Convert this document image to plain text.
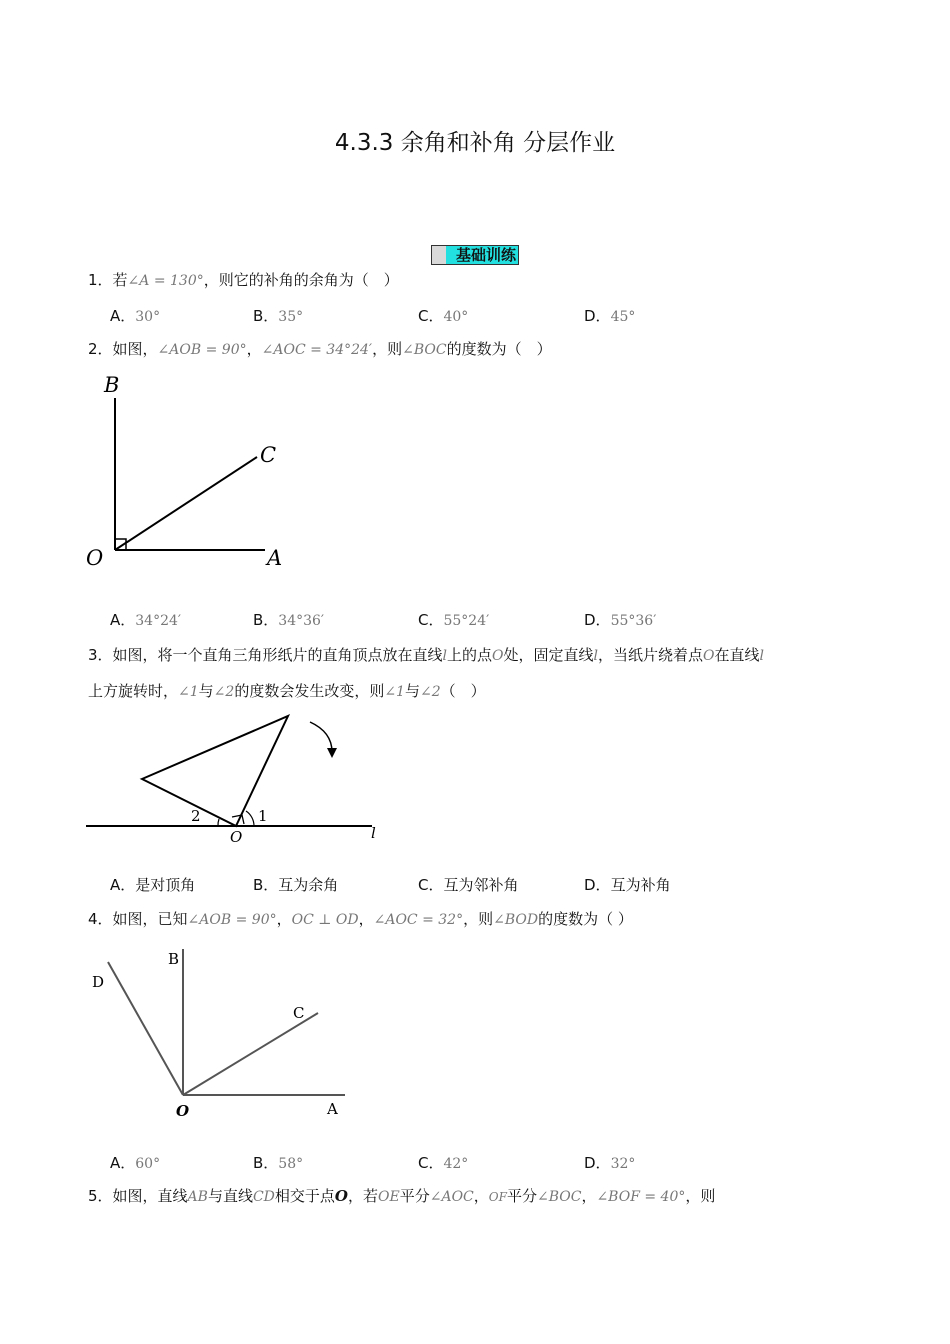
4.3.3 余角和补角 分层作业
基础训练
1．若∠A = 130°，则它的补角的余角为（　）
A．30°	B．35°	C．40°	D．45°
2．如图，∠AOB = 90°，∠AOC = 34°24′，则∠BOC的度数为（　）
B
C
O	A
A．34°24′	B．34°36′	C．55°24′	D．55°36′
3．如图，将一个直角三角形纸片的直角顶点放在直线l上的点O处，固定直线l，当纸片绕着点O在直线l
上方旋转时，∠1与∠2的度数会发生改变，则∠1与∠2（　）
1
2
O	l
A．是对顶角	B．互为余角	C．互为邻补角	D．互为补角
4．如图，已知∠AOB = 90°，OC ⊥ OD，∠AOC = 32°，则∠BOD的度数为（ ）
D
B
C
O	A
A．60°	B．58°	C．42°	D．32°
5．如图，直线AB与直线CD相交于点O，若OE平分∠AOC，OF平分∠BOC，∠BOF = 40°，则
